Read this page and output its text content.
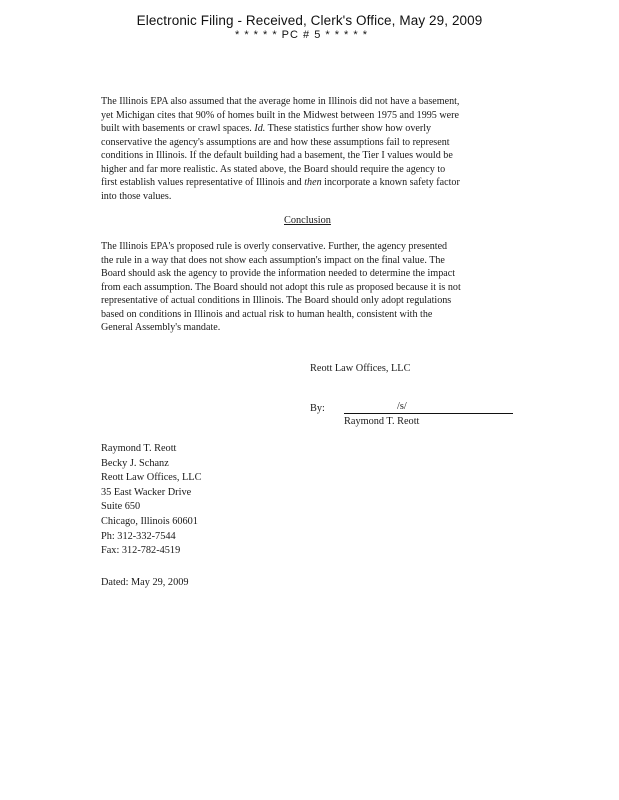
Electronic Filing - Received, Clerk's Office, May 29, 2009
* * * * * PC # 5 * * * * *

The Illinois EPA also assumed that the average home in Illinois did not have a basement,
yet Michigan cites that 90% of homes built in the Midwest between 1975 and 1995 were
built with basements or crawl spaces. Id. These statistics further show how overly
conservative the agency's assumptions are and how these assumptions fail to represent
conditions in Illinois. If the default building had a basement, the Tier I values would be
higher and far more realistic. As stated above, the Board should require the agency to
first establish values representative of Illinois and then incorporate a known safety factor
into those values.

Conclusion

The Illinois EPA's proposed rule is overly conservative. Further, the agency presented
the rule in a way that does not show each assumption's impact on the final value. The
Board should ask the agency to provide the information needed to determine the impact
from each assumption. The Board should not adopt this rule as proposed because it is not
representative of actual conditions in Illinois. The Board should only adopt regulations
based on conditions in Illinois and actual risk to human health, consistent with the
General Assembly's mandate.

Reott Law Offices, LLC
By:	/s/
Raymond T. Reott
Raymond T. Reott
Becky J. Schanz
Reott Law Offices, LLC
35 East Wacker Drive
Suite 650
Chicago, Illinois 60601
Ph: 312-332-7544
Fax: 312-782-4519
Dated: May 29, 2009
